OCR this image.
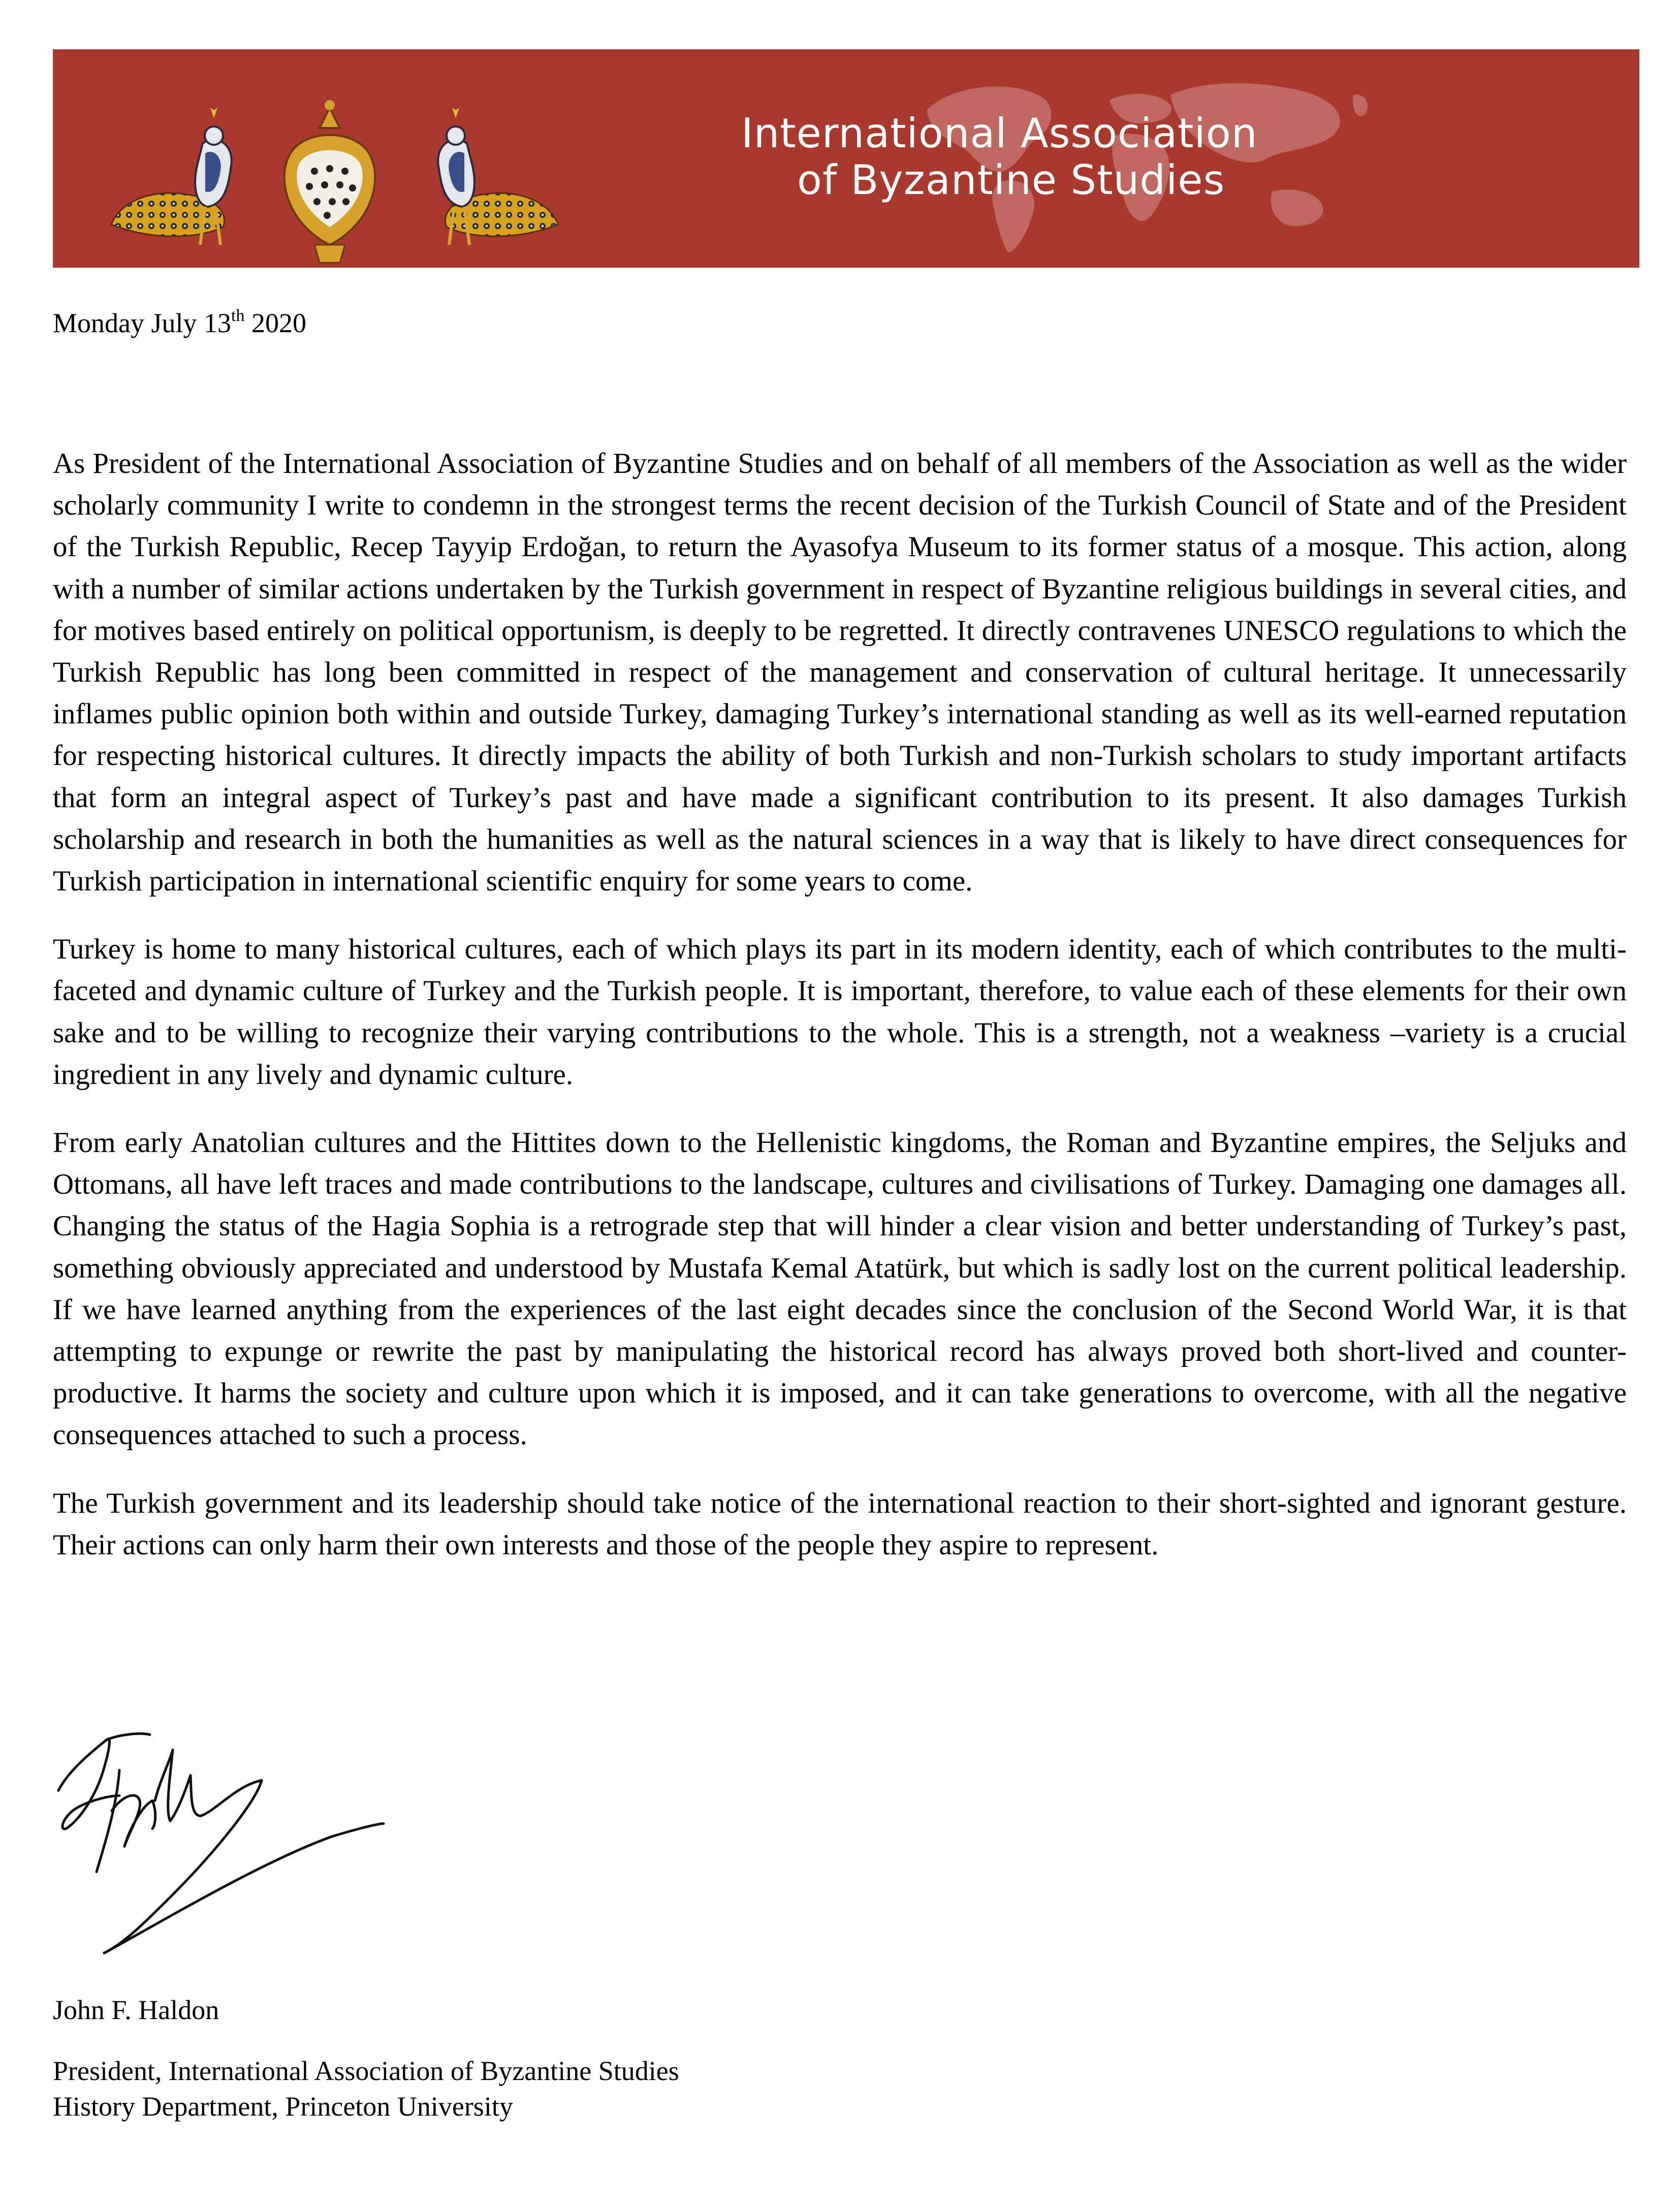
International Association
of Byzantine Studies
Monday July 13th 2020

As President of the International Association of Byzantine Studies and on behalf of all members of the Association as well as the wider scholarly community I write to condemn in the strongest terms the recent decision of the Turkish Council of State and of the President of the Turkish Republic, Recep Tayyip Erdoğan, to return the Ayasofya Museum to its former status of a mosque. This action, along with a number of similar actions undertaken by the Turkish government in respect of Byzantine religious buildings in several cities, and for motives based entirely on political opportunism, is deeply to be regretted. It directly contravenes UNESCO regulations to which the Turkish Republic has long been committed in respect of the management and conservation of cultural heritage. It unnecessarily inflames public opinion both within and outside Turkey, damaging Turkey’s international standing as well as its well-earned reputation for respecting historical cultures. It directly impacts the ability of both Turkish and non-Turkish scholars to study important artifacts that form an integral aspect of Turkey’s past and have made a significant contribution to its present. It also damages Turkish scholarship and research in both the humanities as well as the natural sciences in a way that is likely to have direct consequences for Turkish participation in international scientific enquiry for some years to come.

Turkey is home to many historical cultures, each of which plays its part in its modern identity, each of which contributes to the multi-faceted and dynamic culture of Turkey and the Turkish people. It is important, therefore, to value each of these elements for their own sake and to be willing to recognize their varying contributions to the whole. This is a strength, not a weakness –variety is a crucial ingredient in any lively and dynamic culture.

From early Anatolian cultures and the Hittites down to the Hellenistic kingdoms, the Roman and Byzantine empires, the Seljuks and Ottomans, all have left traces and made contributions to the landscape, cultures and civilisations of Turkey. Damaging one damages all. Changing the status of the Hagia Sophia is a retrograde step that will hinder a clear vision and better understanding of Turkey’s past, something obviously appreciated and understood by Mustafa Kemal Atatürk, but which is sadly lost on the current political leadership. If we have learned anything from the experiences of the last eight decades since the conclusion of the Second World War, it is that attempting to expunge or rewrite the past by manipulating the historical record has always proved both short-lived and counter-productive. It harms the society and culture upon which it is imposed, and it can take generations to overcome, with all the negative consequences attached to such a process.

The Turkish government and its leadership should take notice of the international reaction to their short-sighted and ignorant gesture. Their actions can only harm their own interests and those of the people they aspire to represent.

John F. Haldon
President, International Association of Byzantine Studies
History Department, Princeton University
